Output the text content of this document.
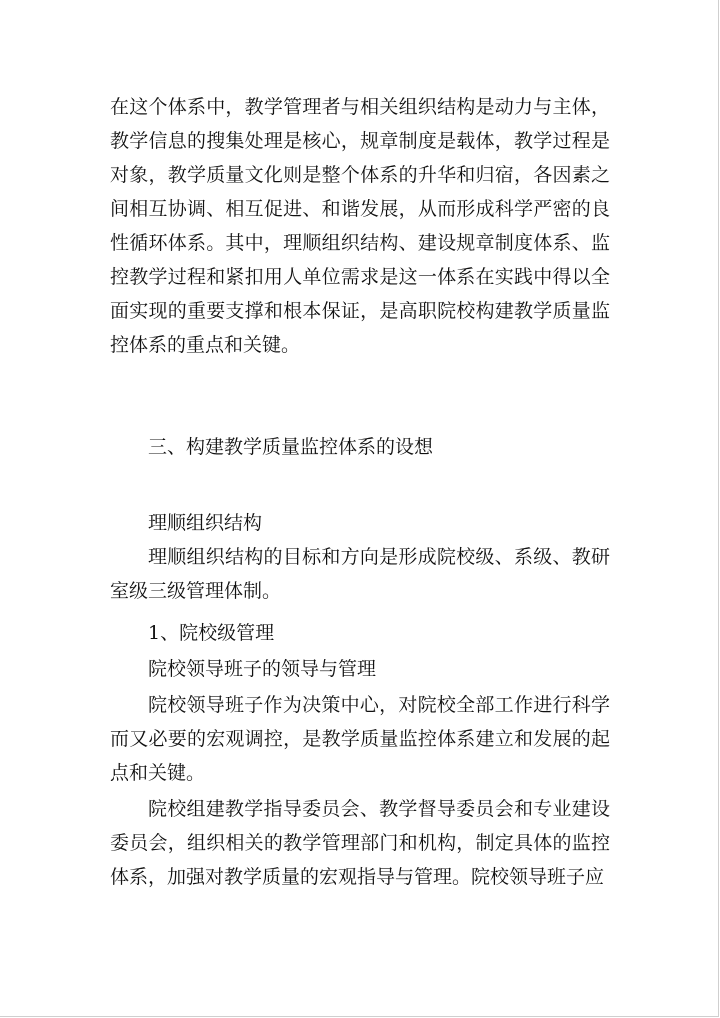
在这个体系中，教学管理者与相关组织结构是动力与主体，教学信息的搜集处理是核心，规章制度是载体，教学过程是对象，教学质量文化则是整个体系的升华和归宿，各因素之间相互协调、相互促进、和谐发展，从而形成科学严密的良性循环体系。其中，理顺组织结构、建设规章制度体系、监控教学过程和紧扣用人单位需求是这一体系在实践中得以全面实现的重要支撑和根本保证，是高职院校构建教学质量监控体系的重点和关键。

三、构建教学质量监控体系的设想

理顺组织结构

理顺组织结构的目标和方向是形成院校级、系级、教研室级三级管理体制。

1、院校级管理

院校领导班子的领导与管理

院校领导班子作为决策中心，对院校全部工作进行科学而又必要的宏观调控，是教学质量监控体系建立和发展的起点和关键。

院校组建教学指导委员会、教学督导委员会和专业建设委员会，组织相关的教学管理部门和机构，制定具体的监控体系，加强对教学质量的宏观指导与管理。院校领导班子应
